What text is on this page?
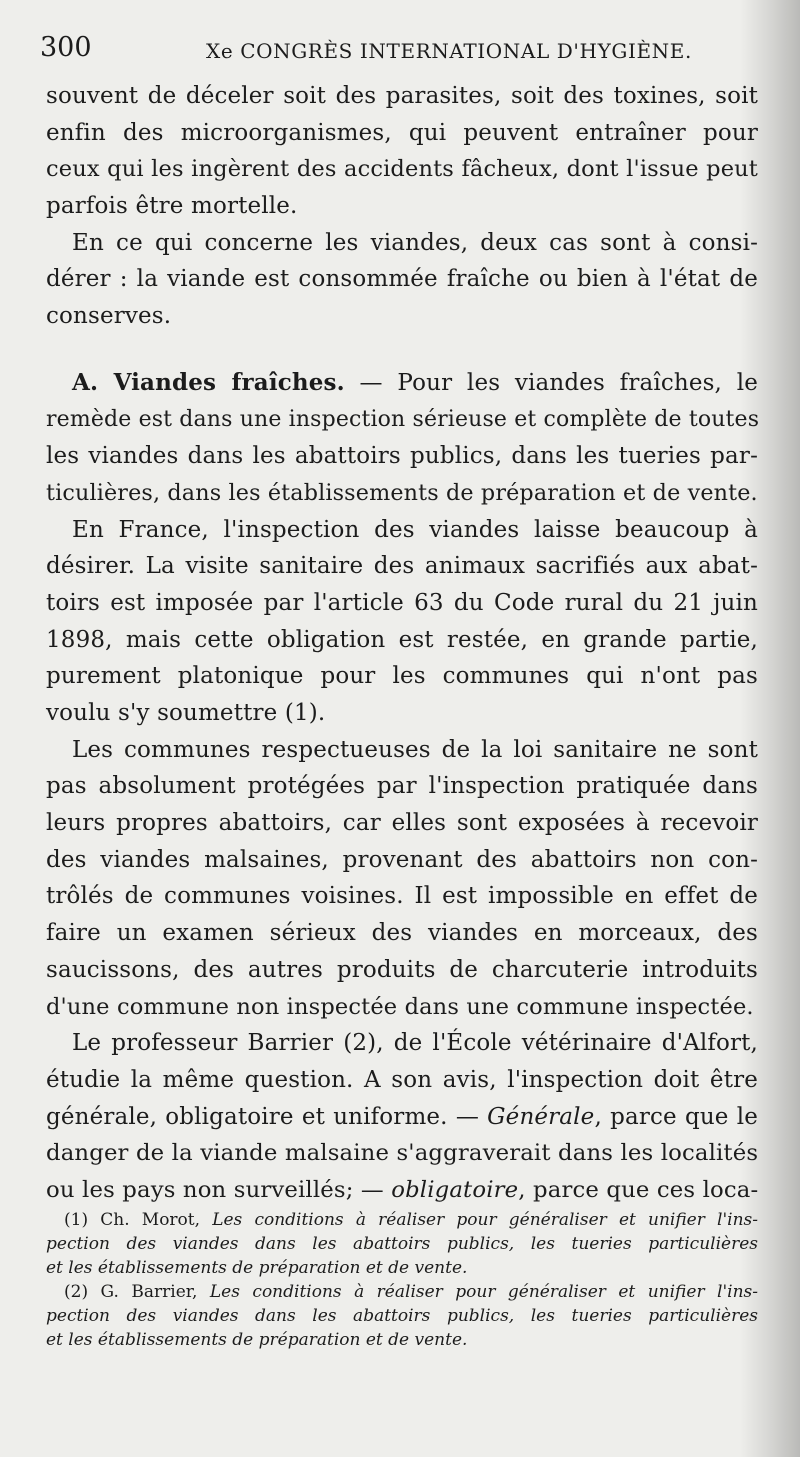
300	Xe CONGRÈS INTERNATIONAL D'HYGIÈNE.
souvent de déceler soit des parasites, soit des toxines, soit
enfin des microorganismes, qui peuvent entraîner pour
ceux qui les ingèrent des accidents fâcheux, dont l'issue peut
parfois être mortelle.
En ce qui concerne les viandes, deux cas sont à consi-
dérer : la viande est consommée fraîche ou bien à l'état de
conserves.
A. Viandes fraîches. — Pour les viandes fraîches, le
remède est dans une inspection sérieuse et complète de toutes
les viandes dans les abattoirs publics, dans les tueries par-
ticulières, dans les établissements de préparation et de vente.
En France, l'inspection des viandes laisse beaucoup à
désirer. La visite sanitaire des animaux sacrifiés aux abat-
toirs est imposée par l'article 63 du Code rural du 21 juin
1898, mais cette obligation est restée, en grande partie,
purement platonique pour les communes qui n'ont pas
voulu s'y soumettre (1).
Les communes respectueuses de la loi sanitaire ne sont
pas absolument protégées par l'inspection pratiquée dans
leurs propres abattoirs, car elles sont exposées à recevoir
des viandes malsaines, provenant des abattoirs non con-
trôlés de communes voisines. Il est impossible en effet de
faire un examen sérieux des viandes en morceaux, des
saucissons, des autres produits de charcuterie introduits
d'une commune non inspectée dans une commune inspectée.
Le professeur Barrier (2), de l'École vétérinaire d'Alfort,
étudie la même question. A son avis, l'inspection doit être
générale, obligatoire et uniforme. — Générale, parce que le
danger de la viande malsaine s'aggraverait dans les localités
ou les pays non surveillés; — obligatoire, parce que ces loca-
(1) Ch. Morot, Les conditions à réaliser pour généraliser et unifier l'ins-
pection des viandes dans les abattoirs publics, les tueries particulières
et les établissements de préparation et de vente.
(2) G. Barrier, Les conditions à réaliser pour généraliser et unifier l'ins-
pection des viandes dans les abattoirs publics, les tueries particulières
et les établissements de préparation et de vente.
